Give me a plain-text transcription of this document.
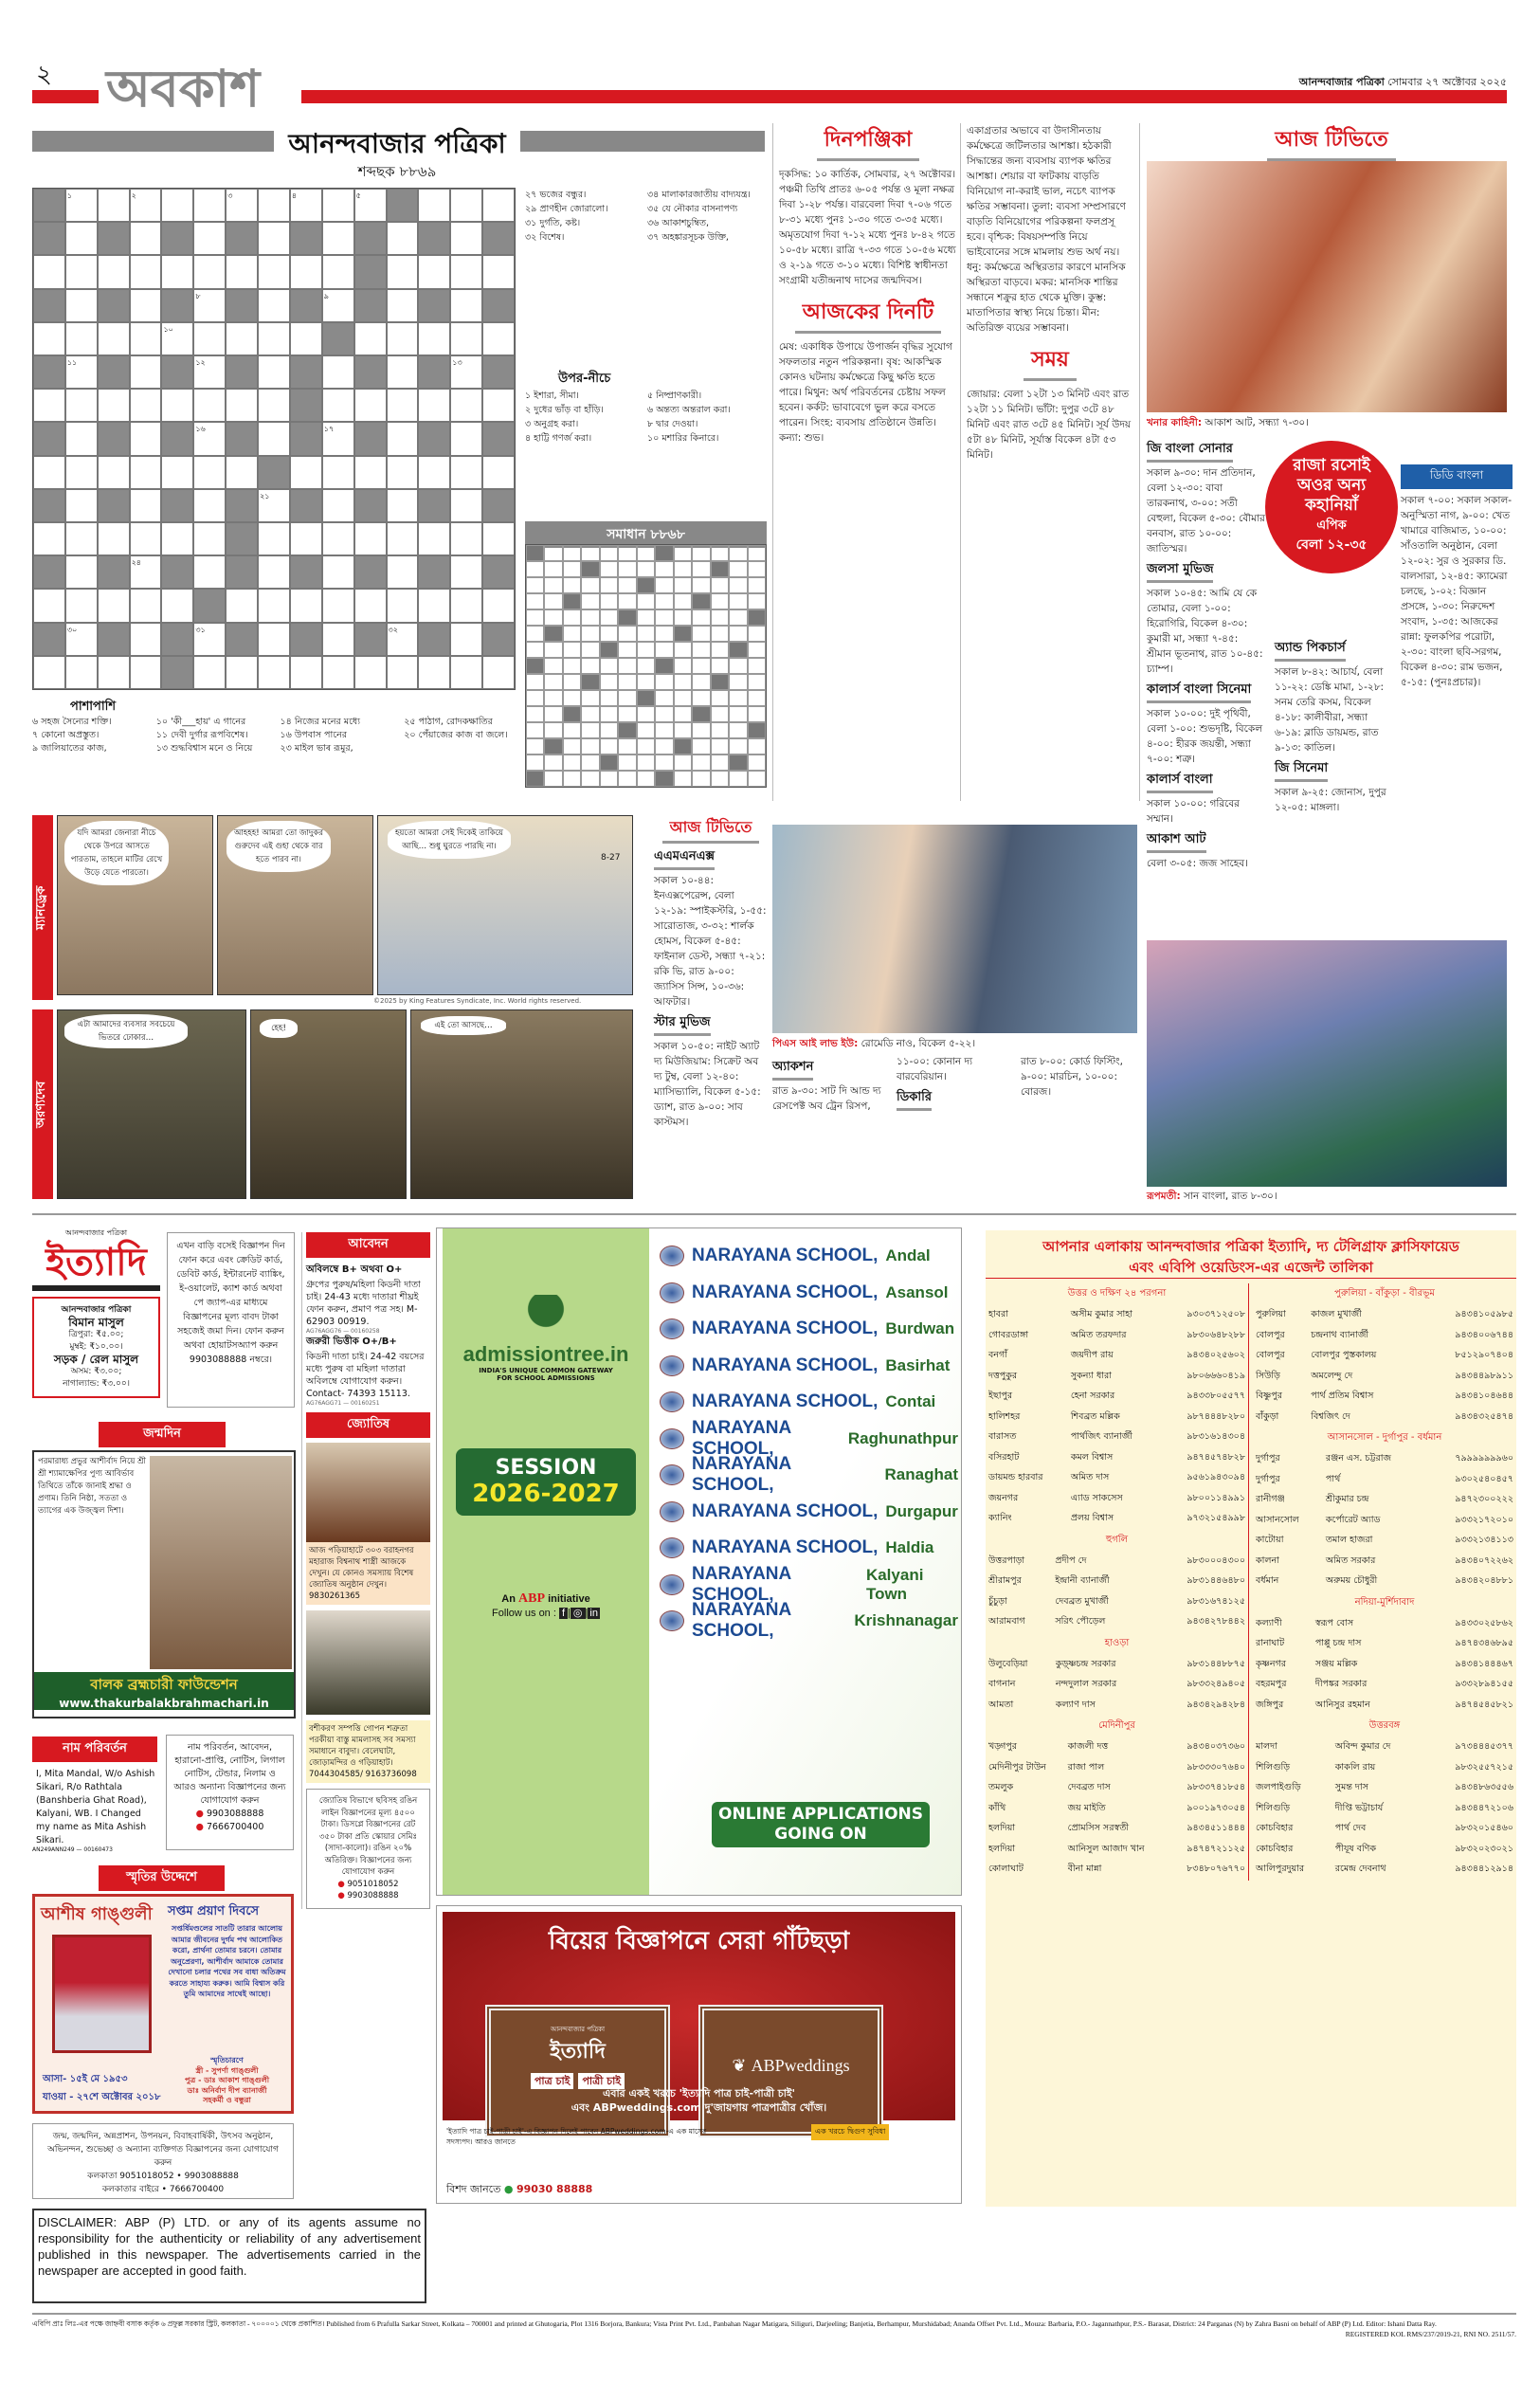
২ অবকাশ	আনন্দবাজার পত্রিকা সোমবার ২৭ অক্টোবর ২০২৫
আনন্দবাজার পত্রিকা
শব্দছক ৮৮৬৯
১	২	৩	৪	৫
৮	৯
১০
১১	১২	১৩
১৬	১৭
২১
২৪
৩০	৩১	৩২
২৭ ভজের বন্ধুর।
২৯ প্রাণহীন জোরালো।
৩১ দুর্গতি, কষ্ট।
৩২ বিশেষ।
৩৪ মালাকারজাতীয় বাদ্যযন্ত্র।
৩৫ যে নৌকার বাসনাপণ্য
৩৬ আকাশচুম্বিত,
৩৭ অহঙ্কারসূচক উক্তি,
উপর-নীচে
১ ইশারা, সীমা।
২ দুধের ভাঁড় বা হাঁড়ি।
৩ অনুগ্রহ করা।
৪ হাট্টি গণর্জ করা।
৫ নিষ্প্রাণকারী।
৬ অন্তত্য অন্তরাল করা।
৮ দ্বার দেওয়া।
১০ মশারির কিনারে।
সমাধান ৮৮৬৮
পাশাপাশি
৬ সহজ সৈন্যের শক্তি।
৭ কোনো অপ্রস্তুত।
৯ জালিয়াতের কাজ,
১০ 'কী___হায়' এ গানের
১১ দেবী দুর্গার রূপবিশেষ।
১৩ শুদ্ধবিশ্বাস মনে ও নিয়ে
১৪ নিজের মনের মধ্যে
১৬ উপবাস পানের
২৩ মাইল ভাৰ রূমুর,
২৫ পাঠাগ, রোদকক্ষাতির
২০ পেঁয়াজের কাজ বা জলে।
দিনপঞ্জিকা
দৃকসিদ্ধ: ১০ কার্তিক, সোমবার, ২৭ অক্টোবর। পঞ্চমী তিথি প্রাতঃ ৬-০৫ পর্যন্ত ও মূলা নক্ষত্র দিবা ১-২৮ পর্যন্ত। বারবেলা দিবা ৭-০৬ গতে ৮-৩১ মধ্যে পুনঃ ১-৩০ গতে ৩-৩৫ মধ্যে। অমৃতযোগ দিবা ৭-১২ মধ্যে পুনঃ ৮-৪২ গতে ১০-৫৮ মধ্যে। রাত্রি ৭-৩৩ গতে ১০-৫৬ মধ্যে ও ২-১৯ গতে ৩-১০ মধ্যে। বিশিষ্ট স্বাধীনতা সংগ্রামী যতীন্দ্রনাথ দাসের জন্মদিবস।
আজকের দিনটি
মেষ: একাধিক উপায়ে উপার্জন বৃদ্ধির সুযোগ সফলতার নতুন পরিকল্পনা। বৃষ: আকস্মিক কোনও ঘটনায় কর্মক্ষেত্রে কিছু ক্ষতি হতে পারে। মিথুন: অর্থ পরিবর্তনের চেষ্টায় সফল হবেন। কর্কট: ভাবাবেগে ভুল করে বসতে পারেন। সিংহ: ব্যবসায় প্রতিষ্ঠানে উন্নতি। কন্যা: শুভ।
একাগ্রতার অভাবে বা উদাসীনতায় কর্মক্ষেত্রে জটিলতার আশঙ্কা। হঠকারী সিদ্ধান্তের জন্য ব্যবসায় ব্যাপক ক্ষতির আশঙ্কা। শেয়ার বা ফাটকায় বাড়তি বিনিয়োগ না-করাই ভাল, নচেৎ ব্যাপক ক্ষতির সম্ভাবনা। তুলা: ব্যবসা সম্প্রসারণে বাড়তি বিনিয়োগের পরিকল্পনা ফলপ্রসূ হবে। বৃশ্চিক: বিষয়সম্পত্তি নিয়ে ভাইবোনের সঙ্গে মামলায় শুভ অর্থ নয়। ধনু: কর্মক্ষেত্রে অস্থিরতার কারণে মানসিক অস্থিরতা বাড়বে। মকর: মানসিক শান্তির সন্ধানে শক্রুর হাত থেকে মুক্তি। কুম্ভ: মাতাপিতার স্বাস্থ্য নিয়ে চিন্তা। মীন: অতিরিক্ত ব্যয়ের সম্ভাবনা।
সময়
জোয়ার: বেলা ১২টা ১৩ মিনিট এবং রাত ১২টা ১১ মিনিট। ভাঁটা: দুপুর ৩টে ৪৮ মিনিট এবং রাত ৩টে ৪৫ মিনিট। সূর্য উদয় ৫টা ৪৮ মিনিট, সূর্যাস্ত বিকেল ৪টা ৫৩ মিনিট।
আজ টিভিতে
খনার কাহিনী: আকাশ আট, সন্ধ্যা ৭-৩০।
জি বাংলা সোনার
সকাল ৯-৩০: দান প্রতিদান, বেলা ১২-৩০: বাবা তারকনাথ, ৩-০০: সতী বেহুলা, বিকেল ৫-৩০: বৌমার বনবাস, রাত ১০-০০: জাতিস্মর।
জলসা মুভিজ
সকাল ১০-৪৫: আমি যে কে তোমার, বেলা ১-০০: হিরোগিরি, বিকেল ৪-৩০: কুমারী মা, সন্ধ্যা ৭-৪৫: শ্রীমান ভূতনাথ, রাত ১০-৪৫: চ্যাম্প।
কালার্স বাংলা সিনেমা
সকাল ১০-০০: দুই পৃথিবী, বেলা ১-০০: শুভদৃষ্টি, বিকেল ৪-০০: হীরক জয়ন্তী, সন্ধ্যা ৭-০০: শত্রু।
কালার্স বাংলা
সকাল ১০-০০: গরিবের সম্মান।
আকাশ আট
বেলা ৩-০৫: জজ সাহেব।
রাজা রসোই
অওর অন্য
কহানিয়াঁ
এপিক
বেলা ১২-৩৫
অ্যান্ড পিকচার্স
সকাল ৮-৪২: আচার্য, বেলা ১১-২২: ডেঙ্কি মামা, ১-২৮: সনম তেরি কসম, বিকেল ৪-১৮: কালীবীরা, সন্ধ্যা ৬-১৯: ব্লাডি ডায়মন্ড, রাত ৯-১৩: কাতিল।
জি সিনেমা
সকাল ৯-২৫: জোনাস, দুপুর ১২-০৫: মাঙ্গলা।
ডিডি বাংলা
সকাল ৭-০০: সকাল সকাল-অনুস্মিতা নাগ, ৯-০০: খেত খামারে বাজিমাত, ১০-০০: সাঁওতালি অনুষ্ঠান, বেলা ১২-০২: সুর ও সুরকার ডি. বালসারা, ১২-৪৫: ক্যামেরা চলছে, ১-০২: বিজ্ঞান প্রসঙ্গে, ১-৩০: নিরুদ্দেশ সংবাদ, ১-৩৫: আজকের রান্না: ফুলকপির পরোটা, ২-৩০: বাংলা ছবি-সরগম, বিকেল ৪-৩০: রাম ভজন, ৫-১৫: (পুনঃপ্রচার)।
রূপমতী: সান বাংলা, রাত ৮-৩০।
ম্যানড্রেক
যদি আমরা জেনারা নীচে থেকে উপরে আসতে পারতাম, তাহলে মাটির রেখে উড়ে যেতে পারতো।
আহহহ! আমরা তো জাদুকর গুরুদেব এই গুহা থেকে বার হতে পারব না।
হয়তো আমরা সেই দিকেই তাকিয়ে আছি… শুধু ঘুরতে পারছি না।
8-27
©2025 by King Features Syndicate, Inc. World rights reserved.
অরণ্যদেব
এটা আমাদের ব্যবসার সবচেয়ে ভিতরে ঢোকার…
হেহ!	এই তো আসছে…
আজ টিভিতে
এএমএনএক্স
সকাল ১০-৪৪: ইনএক্সপেরেন্স, বেলা ১২-১৯: স্পাইকস্টরি, ১-৫৫: সারোতাজ, ৩-৩২: শার্লক হোমস, বিকেল ৫-৪৫: ফাইনাল ডেস্ট, সন্ধ্যা ৭-২১: রকি ভি, রাত ৯-০০: জ্যাসিস সিন্স, ১০-৩৬: আফটার।
স্টার মুভিজ
সকাল ১০-৫০: নাইট অ্যাট দ্য মিউজিয়াম: সিক্রেট অব দ্য টুম্ব, বেলা ১২-৪০: ম্যাসিভ্যালি, বিকেল ৫-১৫: ড্যাশ, রাত ৯-০০: সাব কাস্টমস।
পিএস আই লাভ ইউ: রোমেডি নাও, বিকেল ৫-২২।
অ্যাকশন
রাত ৯-৩০: সাট দি আন্ড দ্য রেসপেক্ট অব ট্রেন রিসপ, ১১-০০: কোনান দ্য বারবেরিয়ান।
ডিকারি
রাত ৮-০০: কোর্ড ফিস্টিং, ৯-০০: মারচিন, ১০-০০: বোরজ।
আনন্দবাজার পত্রিকা
ইত্যাদি
আনন্দবাজার পত্রিকা
বিমান মাসুল
ত্রিপুরা: ₹৫.০০;
মুম্বই: ₹১০.০০।
সড়ক / রেল মাসুল
অসম: ₹৩.০০;
নাগাল্যান্ড: ₹৩.০০।
এখন বাড়ি বসেই বিজ্ঞাপন দিন ফোন করে এবং ক্রেডিট কার্ড, ডেবিট কার্ড, ইন্টারনেট ব্যাঙ্কিং, ই-ওয়ালেট, ক্যাশ কার্ড অথবা পে জ্যাপ-এর মাধ্যমে বিজ্ঞাপনের মূল্য বাবদ টাকা সহজেই জমা দিন। ফোন করুন অথবা হোয়াটসঅ্যাপ করুন 9903088888 নম্বরে।
জন্মদিন
পরমারাধ্য প্রভুর আশীর্বাদ নিয়ে শ্রী শ্রী শ্যামাক্ষেপির পুণ্য আবির্ভাব তিথিতে তাঁকে জানাই শ্রদ্ধা ও প্রণাম। তিনি নিষ্ঠা, সততা ও ত্যাগের এক উজ্জ্বল দিশা।
বালক ব্রহ্মচারী ফাউন্ডেশন
www.thakurbalakbrahmachari.in
নাম পরিবর্তন
I, Mita Mandal, W/o Ashish Sikari, R/o Rathtala (Banshberia Ghat Road), Kalyani, WB. I Changed my name as Mita Ashish Sikari.
AN249ANN249 — 00160473
নাম পরিবর্তন, আবেদন, হারানো-প্রাপ্তি, নোটিস, লিগাল নোটিস, টেন্ডার, নিলাম ও আরও অন্যান্য বিজ্ঞাপনের জন্য যোগাযোগ করুন
● 9903088888
● 7666700400
স্মৃতির উদ্দেশে
আশীষ গাঙ্গুলী সপ্তম প্রয়াণ দিবসে
সপ্তর্ষিমণ্ডলের সাতটি তারার আলোয় আমার জীবনের দুর্গম পথ আলোকিত করো, প্রার্থনা তোমার চরনে। তোমার অনুপ্রেরণা, আশীর্বাদ আমাকে তোমার দেখানো চলার পথের সব বাধা অতিক্রম করতে সাহায্য করুক। আমি বিশ্বাস করি তুমি আমাদের সাথেই আছো।
স্মৃতিচারণে
স্ত্রী - সুপর্ণা গাঙ্গুলী
পুত্র - ডাঃ আকাশ গাঙ্গুলী
ডাঃ অনির্বাণ দীপ ব্যানার্জী
সহকর্মী ও বন্ধুরা
আসা- ১৫ই মে ১৯৫৩
যাওয়া - ২৭শে অক্টোবর ২০১৮
জন্ম, জন্মদিন, অন্নপ্রাশন, উপনয়ন, বিবাহবার্ষিকী, উৎসব অনুষ্ঠান, অভিনন্দন, শুভেচ্ছা ও অন্যান্য ব্যক্তিগত বিজ্ঞাপনের জন্য যোগাযোগ করুন
কলকাতা 9051018052 • 9903088888
কলকাতার বাইরে • 7666700400
আবেদন
অবিলম্বে B+ অথবা O+
গ্রুপের পুরুষ/মহিলা কিডনী দাতা চাই। 24-43 মধ্যে দাতারা শীঘ্রই ফোন করুন, প্রমাণ পত্র সহ। M- 62903 00919.
AG76AGG76 — 00160258
জরুরী ভিত্তীক O+/B+
কিডনী দাতা চাই। 24-42 বয়সের মধ্যে পুরুষ বা মহিলা দাতারা অবিলম্বে যোগাযোগ করুন। Contact- 74393 15113.
AG76AGG71 — 00160251
জ্যোতিষ
আজ পড়িয়াহাটে ৩০৩ বরাহনগর মহারাজ বিশ্বনাথ শাস্ত্রী আজকে দেখুন। যে কোনও সমস্যায় বিশেষ জ্যোতিষ অনুষ্ঠান দেখুন। 9830261365
বশীকরণ সম্পত্তি গোপন শত্রুতা পরকীয়া বাস্তু মামলাসহ সব সমস্যা সমাধানে বাবুদা। বেলেঘাটা, জোড়ামন্দির ও গড়িয়াহাট। 7044304585/ 9163736098
জ্যোতিষ বিভাগে ছবিসহ রঙিন লাইন বিজ্ঞাপনের মূল্য ৪৫০০ টাকা। ডিসপ্লে বিজ্ঞাপনের রেট ৩৫০ টাকা প্রতি স্কোয়ার সেমিঃ (সাদা-কালো)। রঙিন ২০% অতিরিক্ত। বিজ্ঞাপনের জন্য যোগাযোগ করুন
● 9051018052
● 9903088888
admissiontree.in
INDIA'S UNIQUE COMMON GATEWAY
FOR SCHOOL ADMISSIONS
SESSION
2026-2027
An ABP initiative
Follow us on : f | ◎ | in
NARAYANA SCHOOL, Andal
NARAYANA SCHOOL, Asansol
NARAYANA SCHOOL, Burdwan
NARAYANA SCHOOL, Basirhat
NARAYANA SCHOOL, Contai
NARAYANA SCHOOL,
Raghunathpur
NARAYANA SCHOOL,
Ranaghat
NARAYANA SCHOOL, Durgapur
NARAYANA SCHOOL, Haldia
NARAYANA SCHOOL,
Kalyani Town
NARAYANA SCHOOL,
Krishnanagar
ONLINE APPLICATIONS
GOING ON
বিয়ের বিজ্ঞাপনে সেরা গাঁটছড়া
আনন্দবাজার পত্রিকা
ইত্যাদি
পাত্র চাই পাত্রী চাই
❦ ABPweddings
এবার একই খরচে 'ইত্যাদি পাত্র চাই-পাত্রী চাই'
এবং ABPweddings.com দু'জায়গায় পাত্রপাত্রীর খোঁজ।
'ইত্যাদি পাত্র চাই-পাত্রী চাই'-এ বিজ্ঞাপন দিলেই পাবেন ABPweddings.com-এ এক মাসের সদস্যপদ। আরও জানতে
বিশদ জানতে ● 99030 88888
এক খরচে দ্বিগুণ সুবিধা
আপনার এলাকায় আনন্দবাজার পত্রিকা ইত্যাদি, দ্য টেলিগ্রাফ ক্লাসিফায়েড
এবং এবিপি ওয়েডিংস-এর এজেন্ট তালিকা
উত্তর ও দক্ষিণ ২৪ পরগনা
হাবরা	অসীম কুমার সাহা	৯৩০৩৭১২৫০৮
গোবরডাঙ্গা	অমিত তরফদার	৯৮৩০৬৪৮২৮৮
বনগাঁ	জয়দীপ রায়	৯৪৩৪০২৫৬০২
দত্তপুকুর	সুকন্যা ধারা	৯৮০৬৬৬০৪১৯
ইছাপুর	হেনা সরকার	৯৪৩৩৮০৫৫৭৭
হালিশহর	শিবব্রত মল্লিক	৯৮৭৪৪৪৮২৮০
বারাসত	পার্থজিৎ ব্যানার্জী	৯৮৩১৬১৪৩০৪
বসিরহাট	কমল বিশ্বাস	৯৪৭৪৫৭৪৮২৮
ডায়মন্ড হারবার	অমিত দাস	৯৫৬১৯৪৩০৯৪
জয়নগর	এ্যাড সাকসেস	৯৮০০১১৪৯৯১
ক্যানিং	প্রলয় বিশ্বাস	৯৭৩২১৫৪৯৯৮
হুগলি
উত্তরপাড়া	প্রদীপ দে	৯৮৩০০০৪৩০০
শ্রীরামপুর	ইন্দ্রানী ব্যানার্জী	৯৮৩১৪৪৬৪৮০
চুঁচুড়া	দেবব্রত মুখার্জী	৯৮৩১৬৭৪১২৫
আরামবাগ	সরিৎ পৌড়েল	৯৪৩৪২৭৮৪৪২
হাওড়া
উলুবেড়িয়া	কুড়্ষ্ণচন্দ্র সরকার	৯৮৩১৪৪৮৮৭৫
বাগনান	নন্দদুলাল সরকার	৯৮৩৩২৪৯৪০৫
আমতা	কল্যাণ দাস	৯৪৩৪২৯৪২৮৪
মেদিনীপুর
খড়্গপুর	কাজলী দত্ত	৯৪৩৪০৩৭৩৬০
মেদিনীপুর টাউন	রাজা পাল	৯৮৩৩৩০৭৬৪০
তমলুক	দেবব্রত দাস	৯৮৩৩৭৪১৮৫৪
কাঁথি	জয় মাইতি	৯০০১৯৭৩০৫৪
হলদিয়া	প্রোমসিস সরস্বতী	৯৪৩৪৫১১৪৪৪
হলদিয়া	আনিসুল আজাদ খান	৯৪৭৪৭২১১২৫
কোলাঘাট	বীনা মান্না	৮৩৪৮০৭৬৭৭০
পুরুলিয়া - বাঁকুড়া - বীরভূম
পুরুলিয়া	কাজল মুখার্জী	৯৪৩৪১০৫৯৮৫
বোলপুর	চন্দ্রনাথ ব্যানার্জী	৯৪৩৪০০৬৭৪৪
বোলপুর	বোলপুর পুস্তকালয়	৮৫১২৯০৭৪০৪
সিউড়ি	অমলেন্দু দে	৯৪৩৪৪৯৮৯১১
বিষ্ণুপুর	পার্থ প্রতিম বিশ্বাস	৯৪৩৪১০৪৬৪৪
বাঁকুড়া	বিশ্বজিৎ দে	৯৪৩৪৩২৫৪৭৪
আসানসোল - দুর্গাপুর - বর্ধমান
দুর্গাপুর	রঞ্জন এস. চট্টরাজ	৭৯৯৯৯৯৯৯৬০
দুর্গাপুর	পার্থ	৯৩০২৫৪০৪৫৭
রানীগঞ্জ	শ্রীকুমার চন্দ্র	৯৪৭২৩০০২২২
আসানসোল	কর্পোরেট অ্যাড	৯৩৩২১৭২০১০
কাটোয়া	তমাল হাজরা	৯৩৩২১৩৪১১৩
কালনা	অমিত সরকার	৯৪৩৪০৭২২৬২
বর্ধমান	অরুময় চৌধুরী	৯৪৩৪২০৪৮৮১
নদিয়া-মুর্শিদাবাদ
কল্যাণী	স্বরূপ বোস	৯৪৩৩০২৫৮৬২
রানাঘাট	পাপ্পু চন্দ্র দাস	৯৪৭৪৩৪৬৮৯৫
কৃষ্ণনগর	সঞ্জয় মল্লিক	৯৪৩৪১৪৪৪৬৭
বহরমপুর	দীপঙ্কর সরকার	৯৩৩২৮৯৪১৫৫
জঙ্গিপুর	আনিসুর রহমান	৯৪৭৪৫৪৫৮২১
উত্তরবঙ্গ
মালদা	অবিন্দ কুমার দে	৯৭৩৪৪৪৫৩৭৭
শিলিগুড়ি	কাকলি রায়	৯৮৩২৫৫৭২১৫
জলপাইগুড়ি	সুমন্ত দাস	৯৪৩৪৮৬৩৫৫৬
শিলিগুড়ি	দীপ্তি ভট্টাচার্য	৯৪৩৪৪৭২১০৬
কোচবিহার	পার্থ দেব	৯৮৩২০১৫৪৬০
কোচবিহার	পীযূষ বণিক	৯৮৩২০২৩০২১
আলিপুরদুয়ার	রমেন্দ্র দেবনাথ	৯৪৩৪৪১২৯১৪
DISCLAIMER: ABP (P) LTD. or any of its agents assume no responsibility for the authenticity or reliability of any advertisement published in this newspaper. The advertisements carried in the newspaper are accepted in good faith.
এবিপি প্রাঃ লিঃ-এর পক্ষে জাহ্নবী বসাক কর্তৃক ৬ প্রফুল্ল সরকার স্ট্রিট, কলকাতা - ৭০০০০১ থেকে প্রকাশিত। Published from 6 Prafulla Sarkar Street, Kolkata – 700001 and printed at Ghutogaria, Plot 1316 Borjora, Bankura; Vista Print Pvt. Ltd., Panbahan Nagar Matigara, Siliguri, Darjeeling; Banjetia, Berhampur, Murshidabad; Ananda Offset Pvt. Ltd., Mouza: Barbaria, P.O.- Jagannathpur, P.S.- Barasat, District: 24 Parganas (N) by Zahra Basni on behalf of ABP (P) Ltd. Editor: Ishani Datta Ray.
REGISTERED KOL RMS/237/2019-21, RNI NO. 2511/57.
